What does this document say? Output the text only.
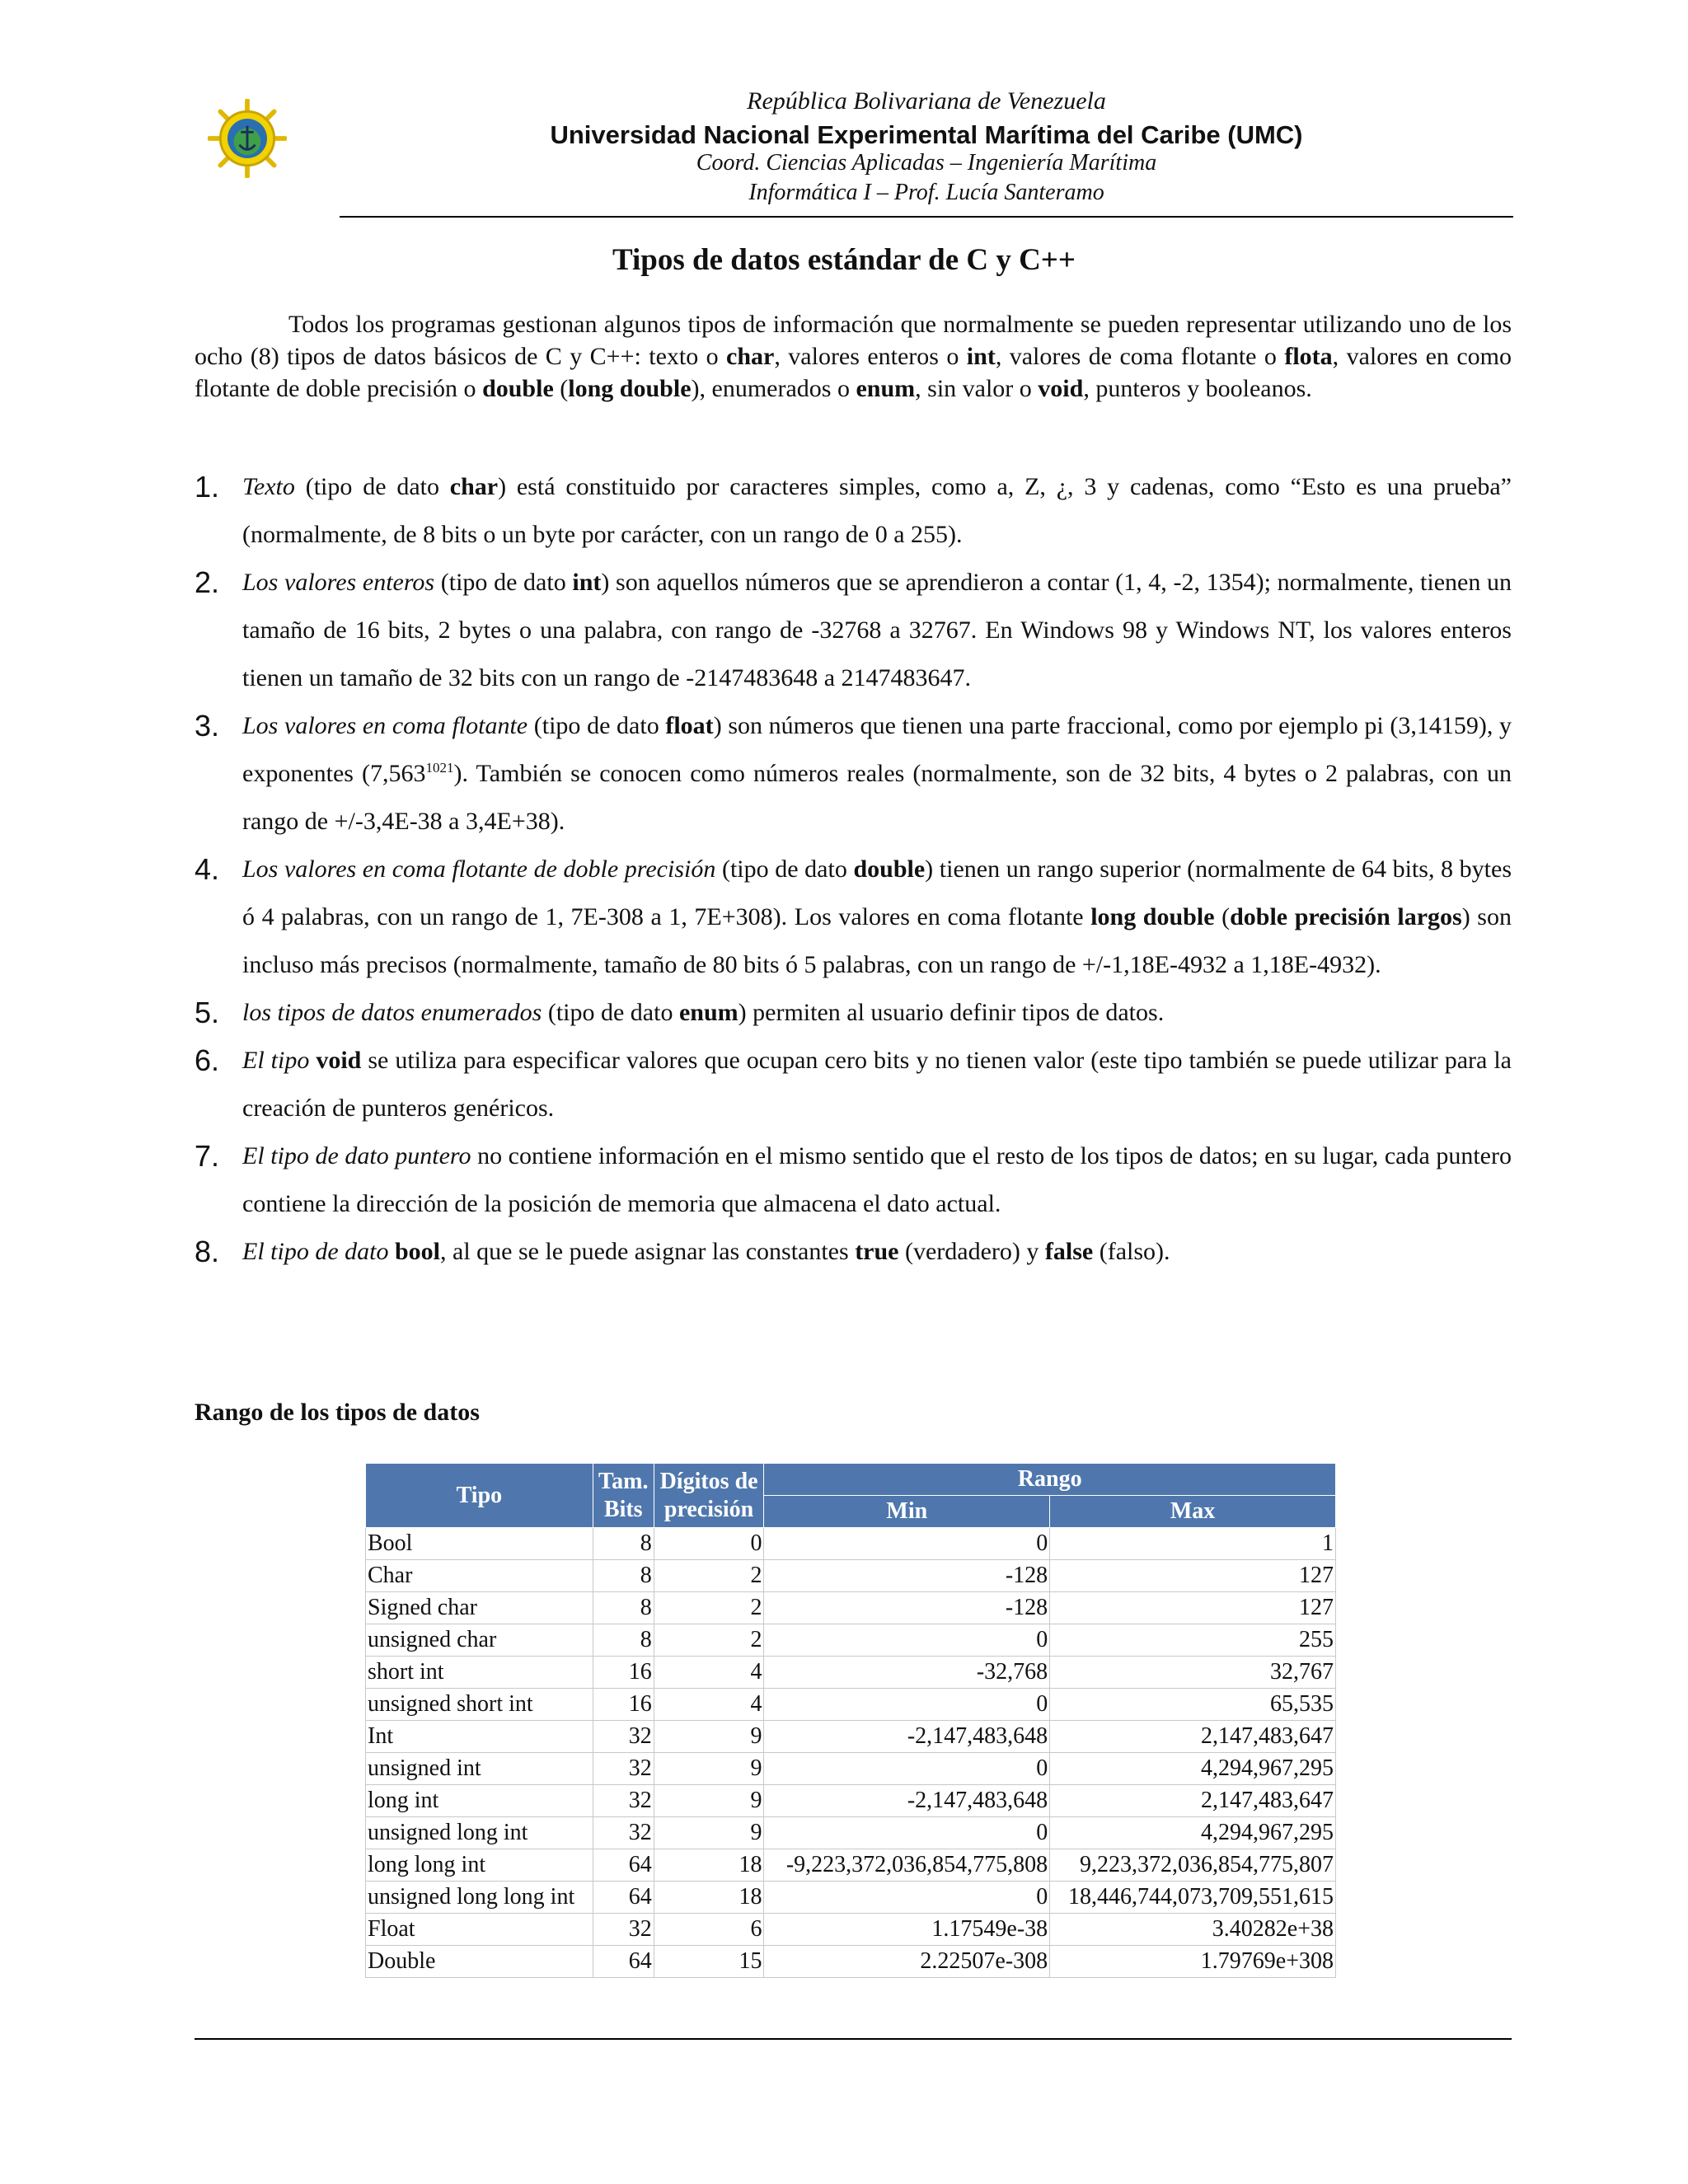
República Bolivariana de Venezuela
Universidad Nacional Experimental Marítima del Caribe (UMC)
Coord. Ciencias Aplicadas – Ingeniería Marítima
Informática I – Prof. Lucía Santeramo
Tipos de datos estándar de C y C++

Todos los programas gestionan algunos tipos de información que normalmente se pueden representar utilizando uno de los ocho (8) tipos de datos básicos de C y C++: texto o char, valores enteros o int, valores de coma flotante o flota, valores en como flotante de doble precisión o double (long double), enumerados o enum, sin valor o void, punteros y booleanos.

1. Texto (tipo de dato char) está constituido por caracteres simples, como a, Z, ¿, 3 y cadenas, como “Esto es una prueba” (normalmente, de 8 bits o un byte por carácter, con un rango de 0 a 255).
2. Los valores enteros (tipo de dato int) son aquellos números que se aprendieron a contar (1, 4, -2, 1354); normalmente, tienen un tamaño de 16 bits, 2 bytes o una palabra, con rango de -32768 a 32767. En Windows 98 y Windows NT, los valores enteros tienen un tamaño de 32 bits con un rango de -2147483648 a 2147483647.
3. Los valores en coma flotante (tipo de dato float) son números que tienen una parte fraccional, como por ejemplo pi (3,14159), y exponentes $(7,563^{1021})$. También se conocen como números reales (normalmente, son de 32 bits, 4 bytes o 2 palabras, con un rango de +/-3,4E-38 a 3,4E+38).
4. Los valores en coma flotante de doble precisión (tipo de dato double) tienen un rango superior (normalmente de 64 bits, 8 bytes ó 4 palabras, con un rango de 1, 7E-308 a 1, 7E+308). Los valores en coma flotante long double (doble precisión largos) son incluso más precisos (normalmente, tamaño de 80 bits ó 5 palabras, con un rango de +/-1,18E-4932 a 1,18E-4932).
5. los tipos de datos enumerados (tipo de dato enum) permiten al usuario definir tipos de datos.
6. El tipo void se utiliza para especificar valores que ocupan cero bits y no tienen valor (este tipo también se puede utilizar para la creación de punteros genéricos.
7. El tipo de dato puntero no contiene información en el mismo sentido que el resto de los tipos de datos; en su lugar, cada puntero contiene la dirección de la posición de memoria que almacena el dato actual.
8. El tipo de dato bool, al que se le puede asignar las constantes true (verdadero) y false (falso).
Rango de los tipos de datos
Tipo	Tam. Bits	Dígitos de precisión	Rango	
			Min	Max
Bool	8	0	0	1
Char	8	2	-128	127
Signed char	8	2	-128	127
unsigned char	8	2	0	255
short int	16	4	-32,768	32,767
unsigned short int	16	4	0	65,535
Int	32	9	-2,147,483,648	2,147,483,647
unsigned int	32	9	0	4,294,967,295
long int	32	9	-2,147,483,648	2,147,483,647
unsigned long int	32	9	0	4,294,967,295
long long int	64	18	-9,223,372,036,854,775,808	9,223,372,036,854,775,807
unsigned long long int	64	18	0	18,446,744,073,709,551,615
Float	32	6	1.17549e-38	3.40282e+38
Double	64	15	2.22507e-308	1.79769e+308
